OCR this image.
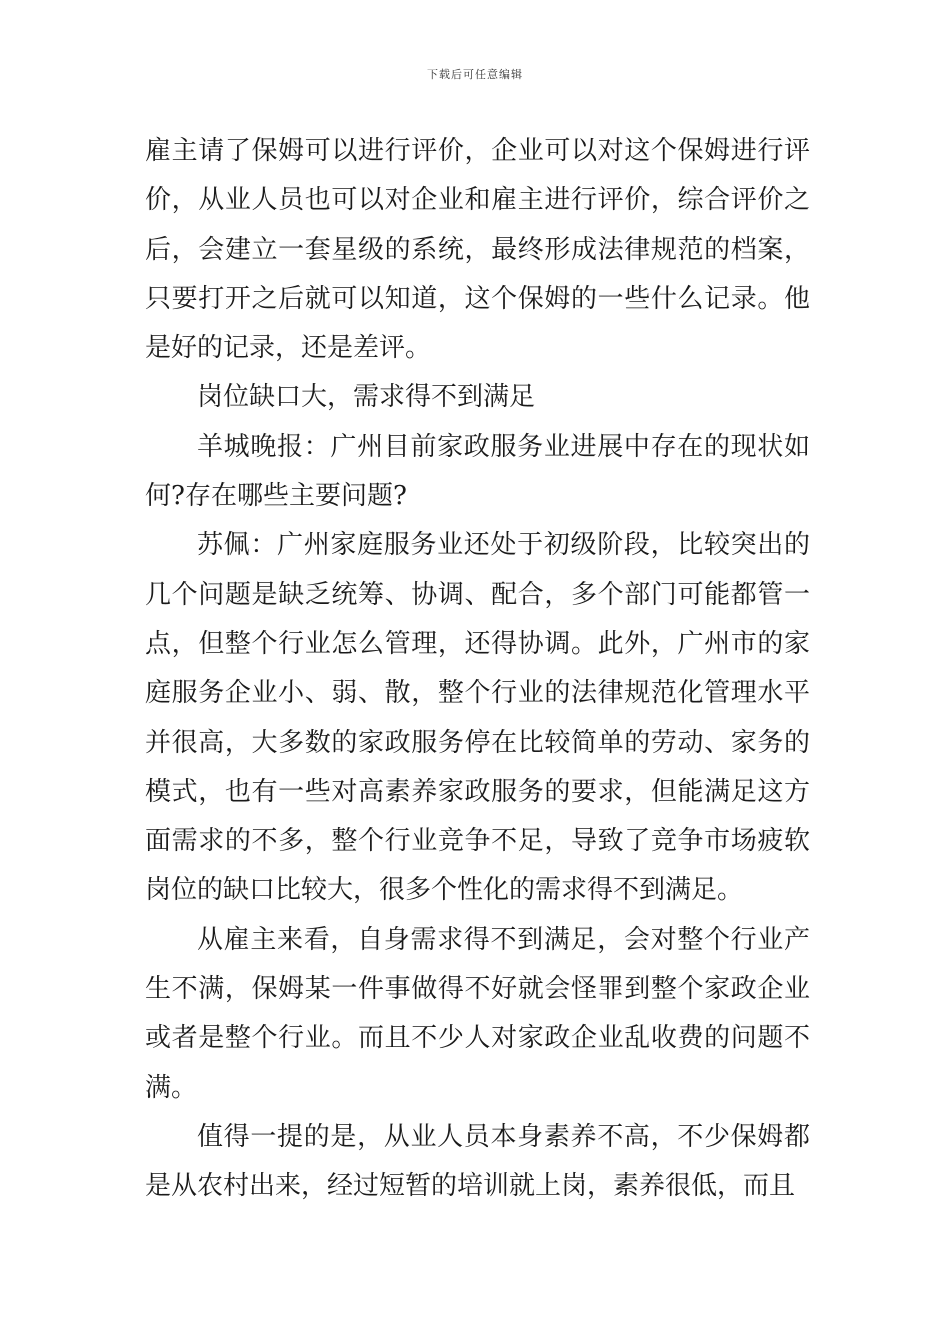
下载后可任意编辑

雇主请了保姆可以进行评价，企业可以对这个保姆进行评价，从业人员也可以对企业和雇主进行评价，综合评价之后，会建立一套星级的系统，最终形成法律规范的档案，只要打开之后就可以知道，这个保姆的一些什么记录。他是好的记录，还是差评。

岗位缺口大，需求得不到满足

羊城晚报：广州目前家政服务业进展中存在的现状如何?存在哪些主要问题?

苏佩：广州家庭服务业还处于初级阶段，比较突出的几个问题是缺乏统筹、协调、配合，多个部门可能都管一点，但整个行业怎么管理，还得协调。此外，广州市的家庭服务企业小、弱、散，整个行业的法律规范化管理水平并很高，大多数的家政服务停在比较简单的劳动、家务的模式，也有一些对高素养家政服务的要求，但能满足这方面需求的不多，整个行业竞争不足，导致了竞争市场疲软岗位的缺口比较大，很多个性化的需求得不到满足。

从雇主来看，自身需求得不到满足，会对整个行业产生不满，保姆某一件事做得不好就会怪罪到整个家政企业或者是整个行业。而且不少人对家政企业乱收费的问题不满。

值得一提的是，从业人员本身素养不高，不少保姆都是从农村出来，经过短暂的培训就上岗，素养很低，而且
